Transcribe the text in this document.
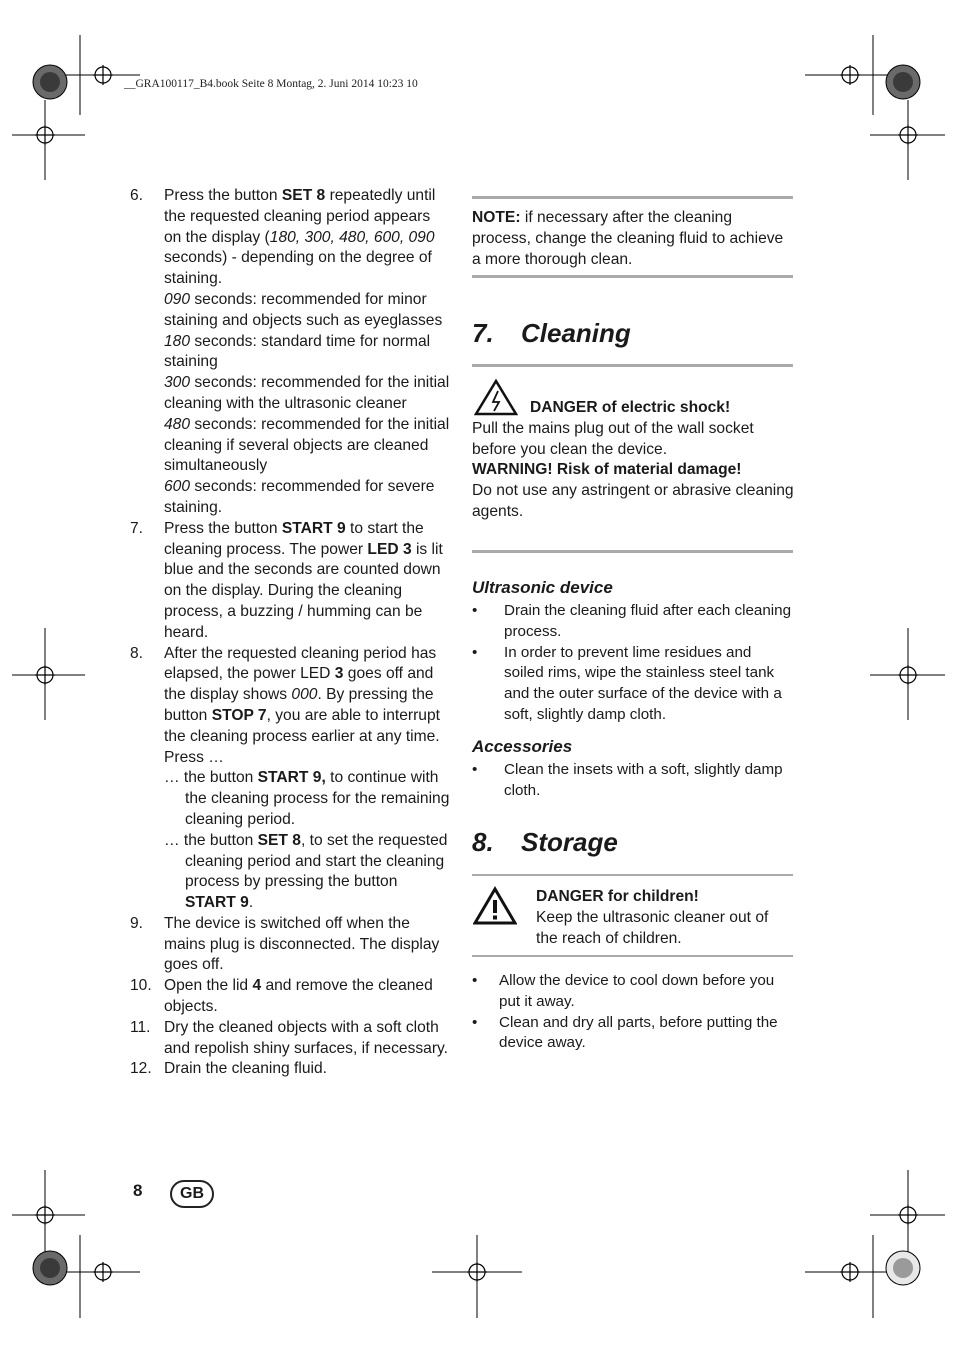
__GRA100117_B4.book Seite 8 Montag, 2. Juni 2014 10:23 10
6. Press the button SET 8 repeatedly until the requested cleaning period appears on the display (180, 300, 480, 600, 090 seconds) - depending on the degree of staining.
090 seconds: recommended for minor staining and objects such as eyeglasses
180 seconds: standard time for normal staining
300 seconds: recommended for the initial cleaning with the ultrasonic cleaner
480 seconds: recommended for the initial cleaning if several objects are cleaned simultaneously
600 seconds: recommended for severe staining.
7. Press the button START 9 to start the cleaning process. The power LED 3 is lit blue and the seconds are counted down on the display. During the cleaning process, a buzzing / humming can be heard.
8. After the requested cleaning period has elapsed, the power LED 3 goes off and the display shows 000. By pressing the button STOP 7, you are able to interrupt the cleaning process earlier at any time.
Press …
… the button START 9, to continue with the cleaning process for the remaining cleaning period.
… the button SET 8, to set the requested cleaning period and start the cleaning process by pressing the button START 9.
9. The device is switched off when the mains plug is disconnected. The display goes off.
10. Open the lid 4 and remove the cleaned objects.
11. Dry the cleaned objects with a soft cloth and repolish shiny surfaces, if necessary.
12. Drain the cleaning fluid.
NOTE: if necessary after the cleaning process, change the cleaning fluid to achieve a more thorough clean.
7. Cleaning
DANGER of electric shock!
Pull the mains plug out of the wall socket before you clean the device.
WARNING! Risk of material damage!
Do not use any astringent or abrasive cleaning agents.
Ultrasonic device
• Drain the cleaning fluid after each cleaning process.
• In order to prevent lime residues and soiled rims, wipe the stainless steel tank and the outer surface of the device with a soft, slightly damp cloth.
Accessories
• Clean the insets with a soft, slightly damp cloth.
8. Storage
DANGER for children!
Keep the ultrasonic cleaner out of the reach of children.
• Allow the device to cool down before you put it away.
• Clean and dry all parts, before putting the device away.
8	GB
